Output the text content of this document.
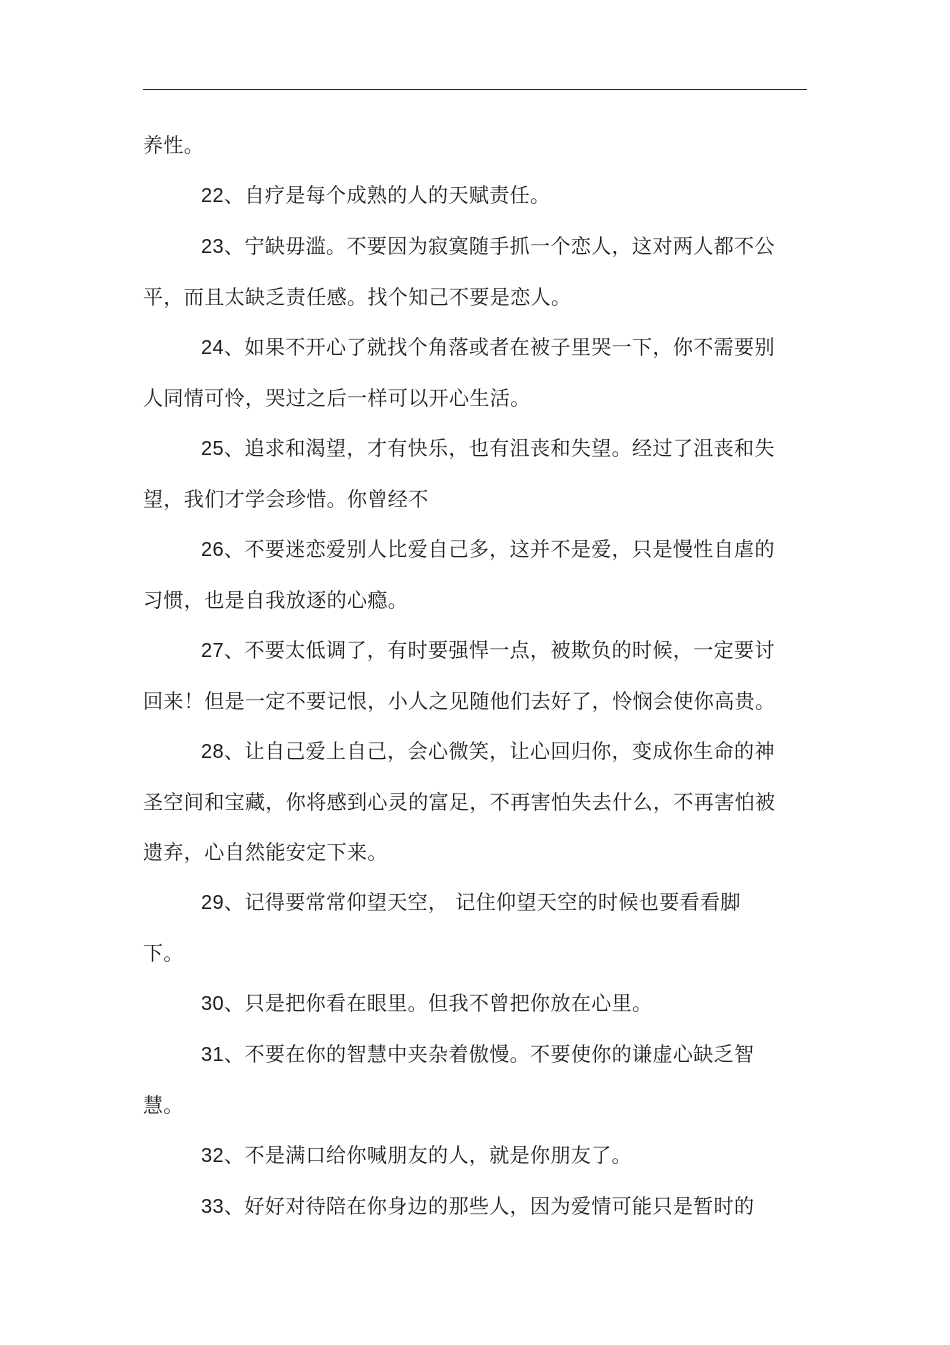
养性。

22、自疗是每个成熟的人的天赋责任。

23、宁缺毋滥。不要因为寂寞随手抓一个恋人，这对两人都不公平，而且太缺乏责任感。找个知己不要是恋人。

24、如果不开心了就找个角落或者在被子里哭一下，你不需要别人同情可怜，哭过之后一样可以开心生活。

25、追求和渴望，才有快乐，也有沮丧和失望。经过了沮丧和失望，我们才学会珍惜。你曾经不

26、不要迷恋爱别人比爱自己多，这并不是爱，只是慢性自虐的习惯，也是自我放逐的心瘾。

27、不要太低调了，有时要强悍一点，被欺负的时候，一定要讨回来！但是一定不要记恨，小人之见随他们去好了，怜悯会使你高贵。

28、让自己爱上自己，会心微笑，让心回归你，变成你生命的神圣空间和宝藏，你将感到心灵的富足，不再害怕失去什么，不再害怕被遗弃，心自然能安定下来。

29、记得要常常仰望天空， 记住仰望天空的时候也要看看脚下。

30、只是把你看在眼里。但我不曾把你放在心里。

31、不要在你的智慧中夹杂着傲慢。不要使你的谦虚心缺乏智慧。

32、不是满口给你喊朋友的人，就是你朋友了。

33、好好对待陪在你身边的那些人，因为爱情可能只是暂时的
